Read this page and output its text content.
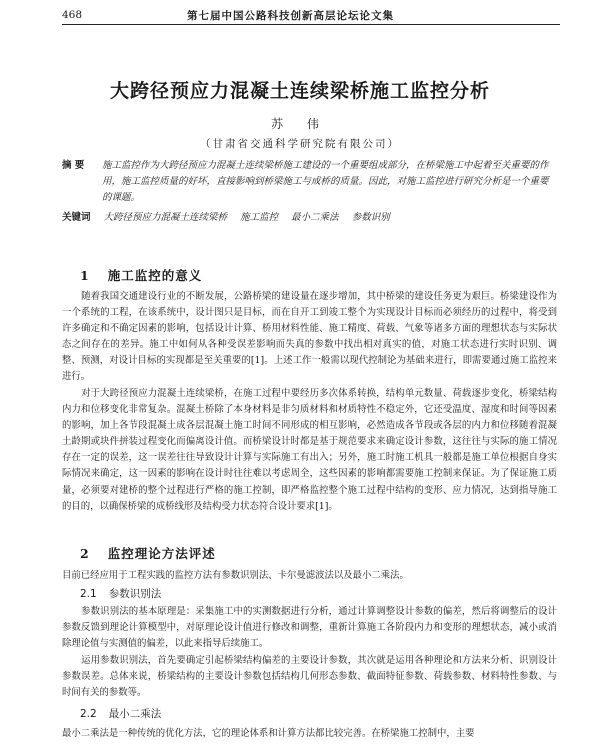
468	第七届中国公路科技创新高层论坛论文集
大跨径预应力混凝土连续梁桥施工监控分析
苏 伟
（甘肃省交通科学研究院有限公司）
摘 要 施工监控作为大跨径预应力混凝土连续梁桥施工建设的一个重要组成部分，在桥梁施工中起着至关重要的作用，施工监控质量的好坏，直接影响到桥梁施工与成桥的质量。因此，对施工监控进行研究分析是一个重要的课题。
关键词 大跨径预应力混凝土连续梁桥 施工监控 最小二乘法 参数识别
1 施工监控的意义
随着我国交通建设行业的不断发展，公路桥梁的建设量在逐步增加，其中桥梁的建设任务更为艰巨。桥梁建设作为一个系统的工程，在该系统中，设计图只是目标，而在自开工到竣工整个为实现设计目标而必须经历的过程中，将受到许多确定和不确定因素的影响，包括设计计算、桥用材料性能、施工精度、荷载、气象等诸多方面的理想状态与实际状态之间存在的差异。施工中如何从各种受误差影响而失真的参数中找出相对真实的值，对施工状态进行实时识别、调整、预测，对设计目标的实现都是至关重要的[1]。上述工作一般需以现代控制论为基础来进行，即需要通过施工监控来进行。
对于大跨径预应力混凝土连续梁桥，在施工过程中要经历多次体系转换，结构单元数量、荷载逐步变化，桥梁结构内力和位移变化非常复杂。混凝土桥除了本身材料是非匀质材料和材质特性不稳定外，它还受温度、湿度和时间等因素的影响，加上各节段混凝土成各层混凝土施工时间不同形成的相互影响，必然造成各节段或各层的内力和位移随着混凝土龄期或块件拼装过程变化而偏离设计值。而桥梁设计时都是基于规范要求来确定设计参数，这往往与实际的施工情况存在一定的误差，这一误差往往导致设计计算与实际施工有出入；另外，施工时施工机具一般都是施工单位根据自身实际情况来确定，这一因素的影响在设计时往往难以考虑周全，这些因素的影响都需要施工控制来保证。为了保证施工质量，必须要对建桥的整个过程进行严格的施工控制，即严格监控整个施工过程中结构的变形、应力情况，达到指导施工的目的，以确保桥梁的成桥线形及结构受力状态符合设计要求[1]。
2 监控理论方法评述
目前已经应用于工程实践的监控方法有参数识别法、卡尔曼滤波法以及最小二乘法。
2.1 参数识别法
参数识别法的基本原理是：采集施工中的实测数据进行分析，通过计算调整设计参数的偏差，然后将调整后的设计参数反馈到理论计算模型中，对原理论设计值进行修改和调整，重新计算施工各阶段内力和变形的理想状态，减小或消除理论值与实测值的偏差，以此来指导后续施工。
运用参数识别法，首先要确定引起桥梁结构偏差的主要设计参数，其次就是运用各种理论和方法来分析、识别设计参数误差。总体来说，桥梁结构的主要设计参数包括结构几何形态参数、截面特征参数、荷载参数、材料特性参数、与时间有关的参数等。
2.2 最小二乘法
最小二乘法是一种传统的优化方法，它的理论体系和计算方法都比较完善。在桥梁施工控制中，主要
